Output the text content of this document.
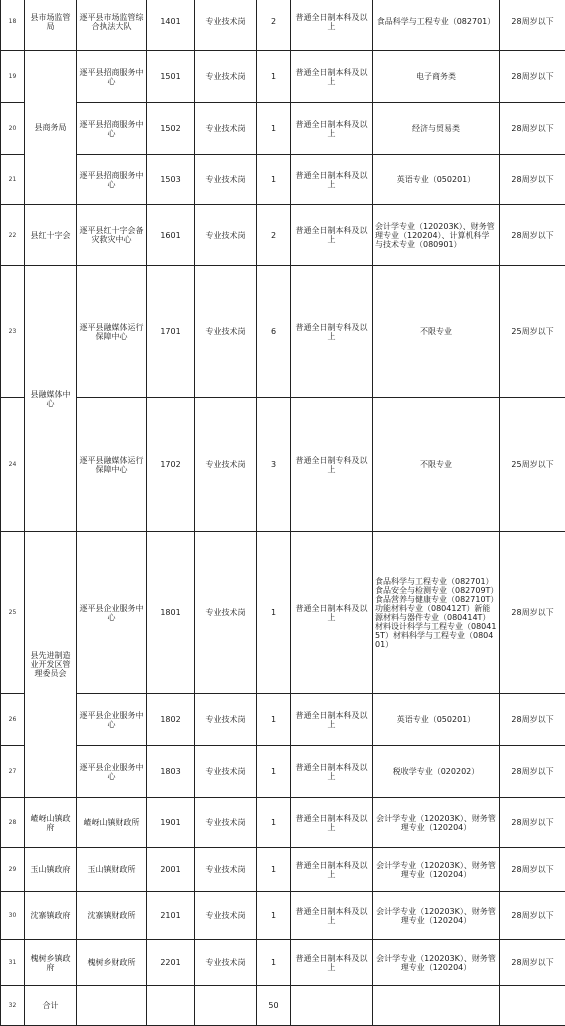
18	县市场监管局	逐平县市场监管综合执法大队	1401	专业技术岗	2	普通全日制本科及以上	食品科学与工程专业（082701）	28周岁以下
19	县商务局	逐平县招商服务中心	1501	专业技术岗	1	普通全日制本科及以上	电子商务类	28周岁以下
20		逐平县招商服务中心	1502	专业技术岗	1	普通全日制本科及以上	经济与贸易类	28周岁以下
21		逐平县招商服务中心	1503	专业技术岗	1	普通全日制本科及以上	英语专业（050201）	28周岁以下
22	县红十字会	逐平县红十字会备灾救灾中心	1601	专业技术岗	2	普通全日制本科及以上	会计学专业（120203K）、财务管理专业（120204）、计算机科学与技术专业（080901）	28周岁以下
23	县融媒体中心	逐平县融媒体运行保障中心	1701	专业技术岗	6	普通全日制专科及以上	不限专业	25周岁以下
24		逐平县融媒体运行保障中心	1702	专业技术岗	3	普通全日制专科及以上	不限专业	25周岁以下
25	县先进制造业开发区管理委员会	逐平县企业服务中心	1801	专业技术岗	1	普通全日制本科及以上	食品科学与工程专业（082701）食品安全与检测专业（082709T）食品营养与健康专业（082710T）功能材料专业（080412T）新能源材料与器件专业（080414T）材料设计科学与工程专业（080415T）材料科学与工程专业（080401）	28周岁以下
26		逐平县企业服务中心	1802	专业技术岗	1	普通全日制本科及以上	英语专业（050201）	28周岁以下
27		逐平县企业服务中心	1803	专业技术岗	1	普通全日制本科及以上	税收学专业（020202）	28周岁以下
28	嵖岈山镇政府	嵖岈山镇财政所	1901	专业技术岗	1	普通全日制本科及以上	会计学专业（120203K）、财务管理专业（120204）	28周岁以下
29	玉山镇政府	玉山镇财政所	2001	专业技术岗	1	普通全日制本科及以上	会计学专业（120203K）、财务管理专业（120204）	28周岁以下
30	沈寨镇政府	沈寨镇财政所	2101	专业技术岗	1	普通全日制本科及以上	会计学专业（120203K）、财务管理专业（120204）	28周岁以下
31	槐树乡镇政府	槐树乡财政所	2201	专业技术岗	1	普通全日制本科及以上	会计学专业（120203K）、财务管理专业（120204）	28周岁以下
32	合计				50			
